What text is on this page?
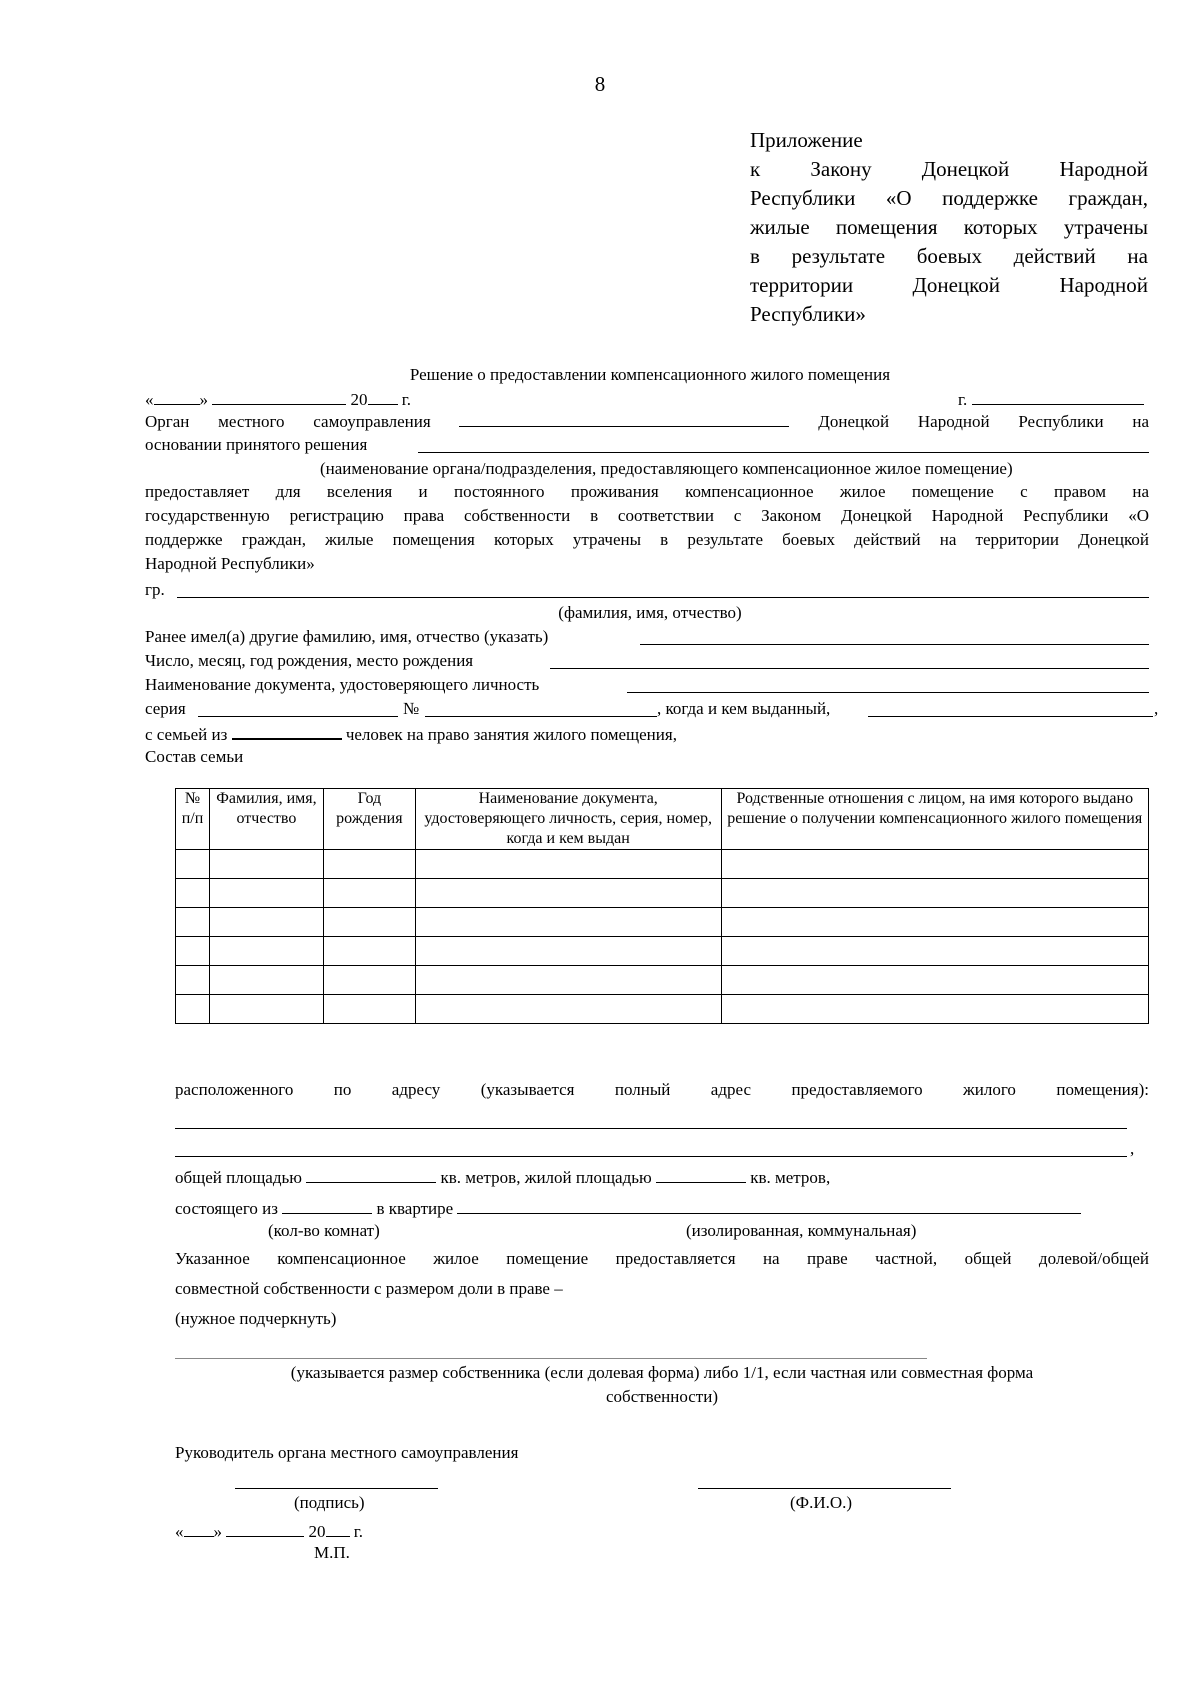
8
Приложение
к Закону Донецкой Народной
Республики «О поддержке граждан,
жилые помещения которых утрачены
в результате боевых действий на
территории Донецкой Народной
Республики»
Решение о предоставлении компенсационного жилого помещения
«	»	20 г.	г.
Орган местного самоуправления	Донецкой Народной Республики на
основании принятого решения
(наименование органа/подразделения, предоставляющего компенсационное жилое помещение)
предоставляет для вселения и постоянного проживания компенсационное жилое помещение с правом на
государственную регистрацию права собственности в соответствии с Законом Донецкой Народной Республики «О
поддержке граждан, жилые помещения которых утрачены в результате боевых действий на территории Донецкой
Народной Республики»
гр.
(фамилия, имя, отчество)
Ранее имел(а) другие фамилию, имя, отчество (указать)
Число, месяц, год рождения, место рождения
Наименование документа, удостоверяющего личность
серия	№	, когда и кем выданный,	,
с семьей из	человек на право занятия жилого помещения,
Состав семьи
№ п/п	Фамилия, имя, отчество	Год рождения	Наименование документа, удостоверяющего личность, серия, номер, когда и кем выдан	Родственные отношения с лицом, на имя которого выдано решение о получении компенсационного жилого помещения

расположенного по адресу (указывается полный адрес предоставляемого жилого помещения):
,
общей площадью	кв. метров, жилой площадью	кв. метров,
состоящего из	в квартире
(кол-во комнат)	(изолированная, коммунальная)
Указанное компенсационное жилое помещение предоставляется на праве частной, общей долевой/общей
совместной собственности с размером доли в праве –
(нужное подчеркнуть)
(указывается размер собственника (если долевая форма) либо 1/1, если частная или совместная форма
собственности)
Руководитель органа местного самоуправления
(подпись)	(Ф.И.О.)
« »	20 г.
М.П.
